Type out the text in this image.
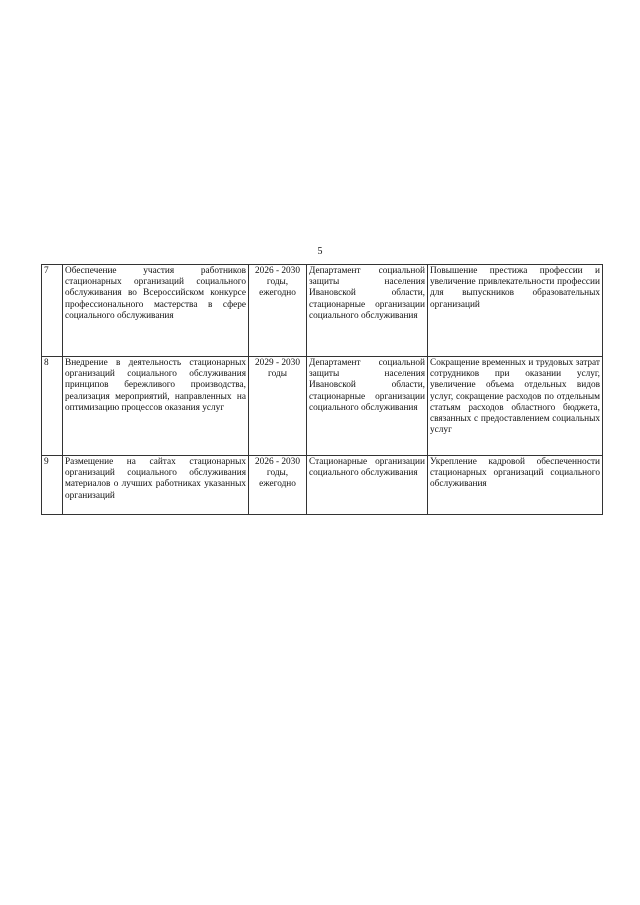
5
7	Обеспечение участия работников стационарных организаций социального обслуживания во Всероссийском конкурсе профессионального мастерства в сфере социального обслуживания	2026 - 2030 годы, ежегодно	Департамент социальной защиты населения Ивановской области, стационарные организации социального обслуживания	Повышение престижа профессии и увеличение привлекательности профессии для выпускников образовательных организаций
8	Внедрение в деятельность стационарных организаций социального обслуживания принципов бережливого производства, реализация мероприятий, направленных на оптимизацию процессов оказания услуг	2029 - 2030 годы	Департамент социальной защиты населения Ивановской области, стационарные организации социального обслуживания	Сокращение временных и трудовых затрат сотрудников при оказании услуг, увеличение объема отдельных видов услуг, сокращение расходов по отдельным статьям расходов областного бюджета, связанных с предоставлением социальных услуг
9	Размещение на сайтах стационарных организаций социального обслуживания материалов о лучших работниках указанных организаций	2026 - 2030 годы, ежегодно	Стационарные организации социального обслуживания	Укрепление кадровой обеспеченности стационарных организаций социального обслуживания
